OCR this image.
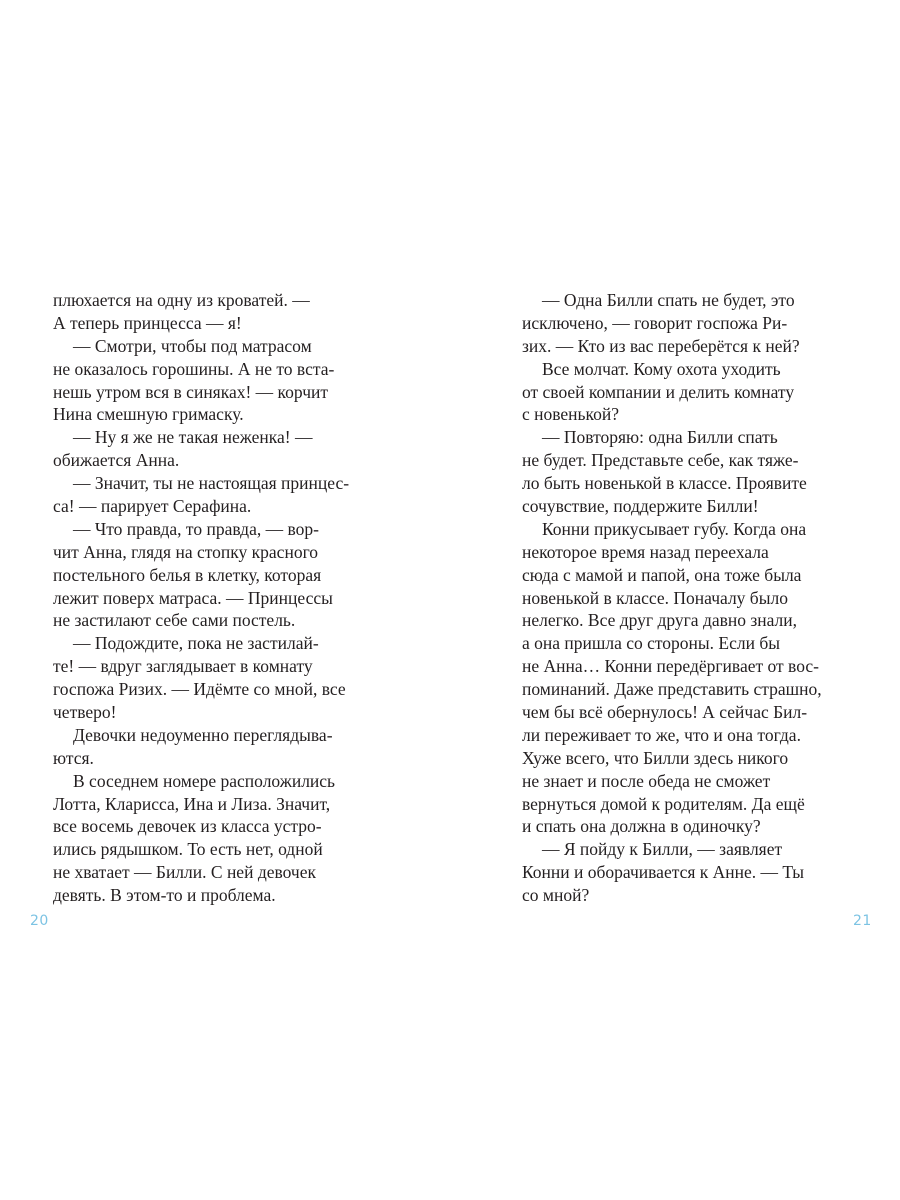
плюхается на одну из кроватей. —
А теперь принцесса — я!
— Смотри, чтобы под матрасом
не оказалось горошины. А не то вста-
нешь утром вся в синяках! — корчит
Нина смешную гримаску.
— Ну я же не такая неженка! —
обижается Анна.
— Значит, ты не настоящая принцес-
са! — парирует Серафина.
— Что правда, то правда, — вор-
чит Анна, глядя на стопку красного
постельного белья в клетку, которая
лежит поверх матраса. — Принцессы
не застилают себе сами постель.
— Подождите, пока не застилай-
те! — вдруг заглядывает в комнату
госпожа Ризих. — Идёмте со мной, все
четверо!
Девочки недоуменно переглядыва-
ются.
В соседнем номере расположились
Лотта, Кларисса, Ина и Лиза. Значит,
все восемь девочек из класса устро-
ились рядышком. То есть нет, одной
не хватает — Билли. С ней девочек
девять. В этом-то и проблема.
— Одна Билли спать не будет, это
исключено, — говорит госпожа Ри-
зих. — Кто из вас переберётся к ней?
Все молчат. Кому охота уходить
от своей компании и делить комнату
с новенькой?
— Повторяю: одна Билли спать
не будет. Представьте себе, как тяже-
ло быть новенькой в классе. Проявите
сочувствие, поддержите Билли!
Конни прикусывает губу. Когда она
некоторое время назад переехала
сюда с мамой и папой, она тоже была
новенькой в классе. Поначалу было
нелегко. Все друг друга давно знали,
а она пришла со стороны. Если бы
не Анна… Конни передёргивает от вос-
поминаний. Даже представить страшно,
чем бы всё обернулось! А сейчас Бил-
ли переживает то же, что и она тогда.
Хуже всего, что Билли здесь никого
не знает и после обеда не сможет
вернуться домой к родителям. Да ещё
и спать она должна в одиночку?
— Я пойду к Билли, — заявляет
Конни и оборачивается к Анне. — Ты
со мной?
20	21
